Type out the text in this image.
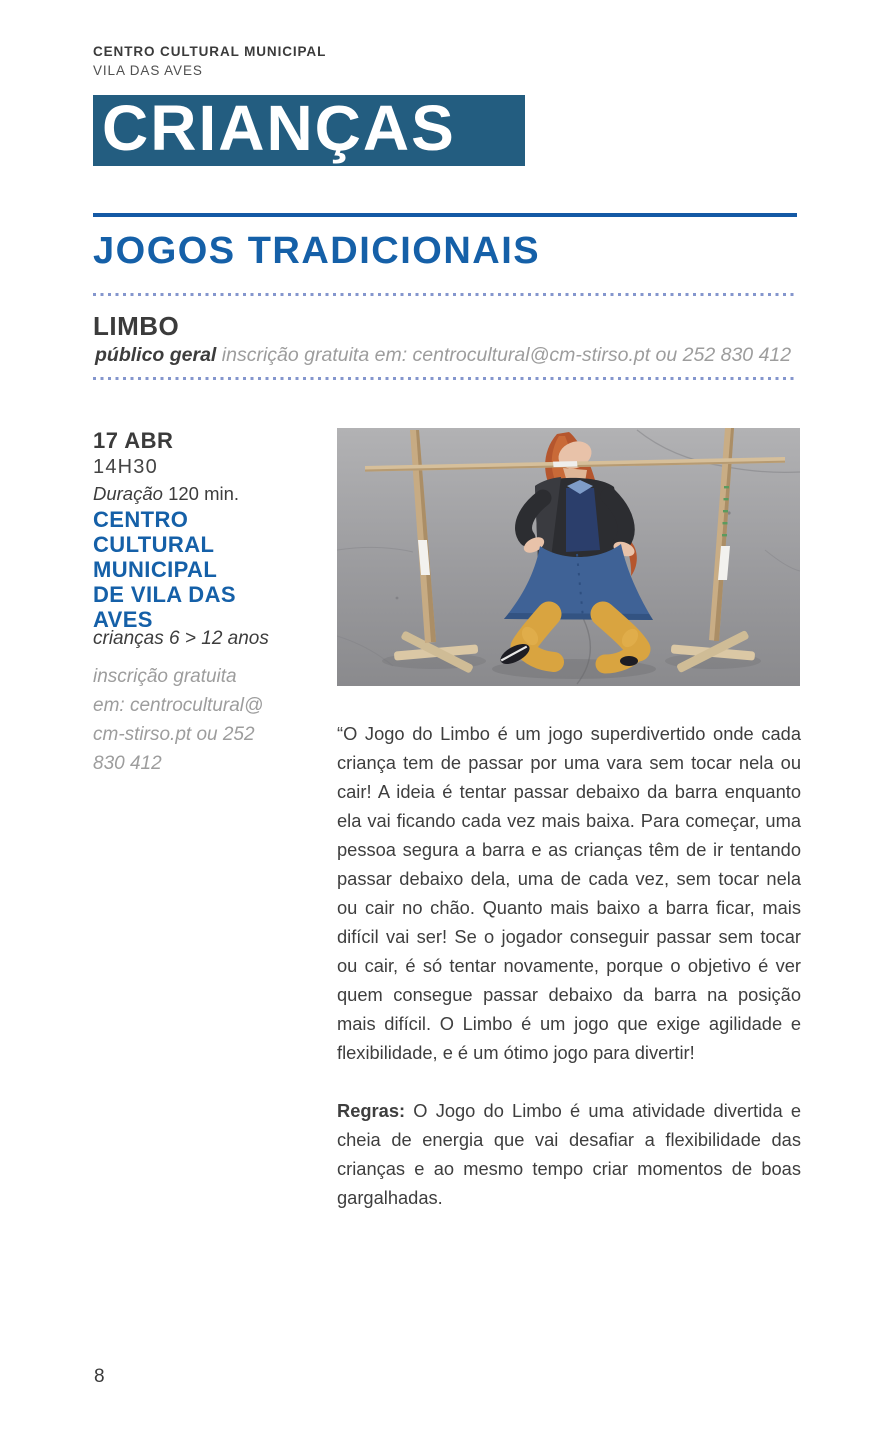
CENTRO CULTURAL MUNICIPAL
VILA DAS AVES
CRIANÇAS
JOGOS TRADICIONAIS
LIMBO
público geral inscrição gratuita em: centrocultural@cm-stirso.pt ou 252 830 412
17 ABR
14H30
Duração 120 min.
CENTRO
CULTURAL
MUNICIPAL
DE VILA DAS
AVES
crianças 6 > 12 anos
inscrição gratuita
em: centrocultural@
cm-stirso.pt ou 252
830 412

“O Jogo do Limbo é um jogo superdivertido onde cada criança tem de passar por uma vara sem tocar nela ou cair! A ideia é tentar passar debaixo da barra enquanto ela vai ficando cada vez mais baixa. Para começar, uma pessoa segura a barra e as crianças têm de ir tentando passar debaixo dela, uma de cada vez, sem tocar nela ou cair no chão. Quanto mais baixo a barra ficar, mais difícil vai ser! Se o jogador conseguir passar sem tocar ou cair, é só tentar novamente, porque o objetivo é ver quem consegue passar debaixo da barra na posição mais difícil. O Limbo é um jogo que exige agilidade e flexibilidade, e é um ótimo jogo para divertir!

Regras: O Jogo do Limbo é uma atividade divertida e cheia de energia que vai desafiar a flexibilidade das crianças e ao mesmo tempo criar momentos de boas gargalhadas.

8
